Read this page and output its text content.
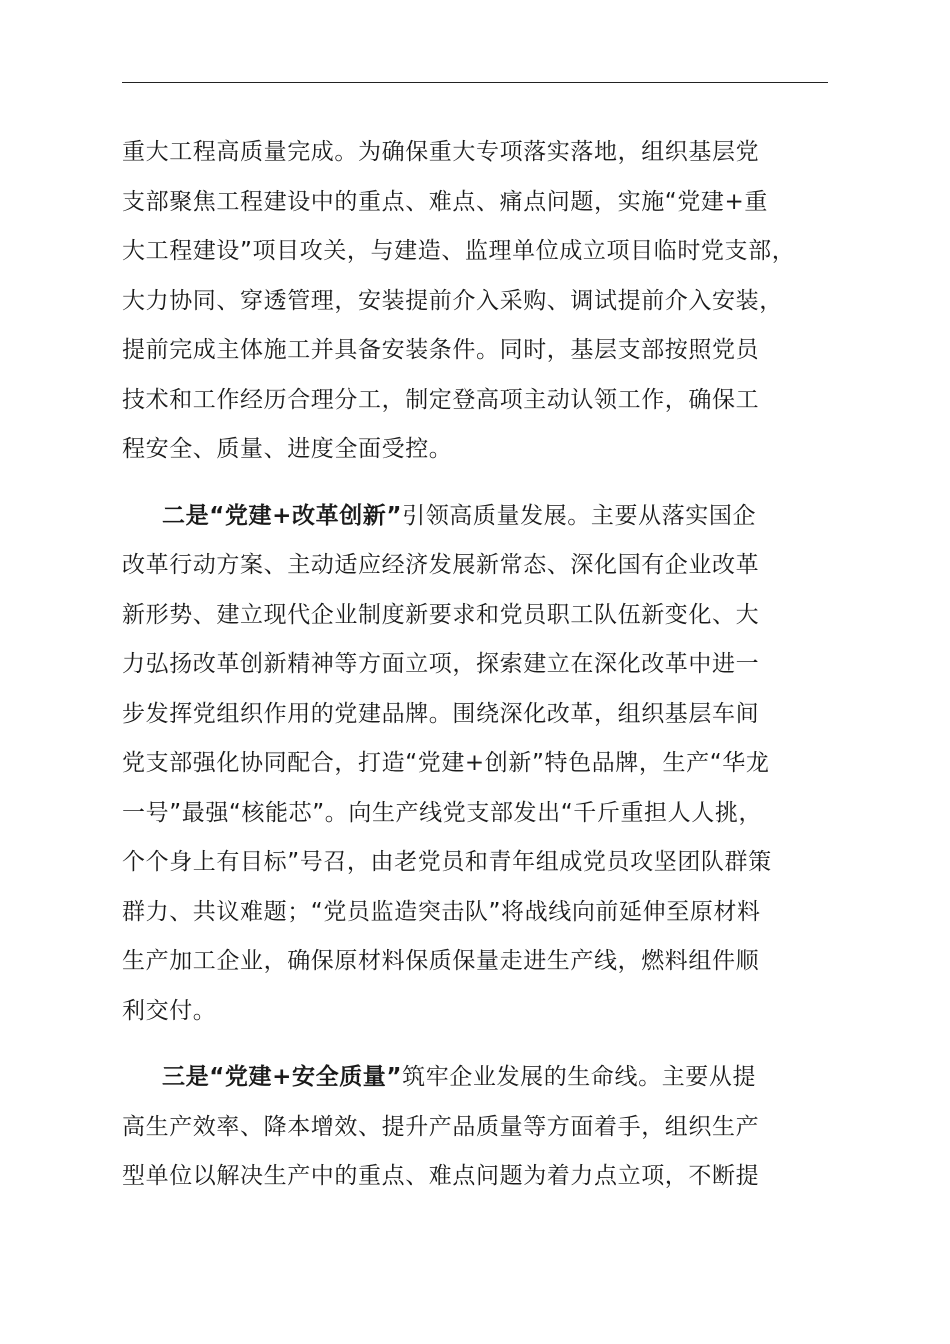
重大工程高质量完成。为确保重大专项落实落地，组织基层党
支部聚焦工程建设中的重点、难点、痛点问题，实施“党建+重
大工程建设”项目攻关，与建造、监理单位成立项目临时党支部，
大力协同、穿透管理，安装提前介入采购、调试提前介入安装，
提前完成主体施工并具备安装条件。同时，基层支部按照党员
技术和工作经历合理分工，制定登高项主动认领工作，确保工
程安全、质量、进度全面受控。
二是“党建+改革创新”引领高质量发展。主要从落实国企
改革行动方案、主动适应经济发展新常态、深化国有企业改革
新形势、建立现代企业制度新要求和党员职工队伍新变化、大
力弘扬改革创新精神等方面立项，探索建立在深化改革中进一
步发挥党组织作用的党建品牌。围绕深化改革，组织基层车间
党支部强化协同配合，打造“党建+创新”特色品牌，生产“华龙
一号”最强“核能芯”。向生产线党支部发出“千斤重担人人挑，
个个身上有目标”号召，由老党员和青年组成党员攻坚团队群策
群力、共议难题；“党员监造突击队”将战线向前延伸至原材料
生产加工企业，确保原材料保质保量走进生产线，燃料组件顺
利交付。
三是“党建+安全质量”筑牢企业发展的生命线。主要从提
高生产效率、降本增效、提升产品质量等方面着手，组织生产
型单位以解决生产中的重点、难点问题为着力点立项，不断提
